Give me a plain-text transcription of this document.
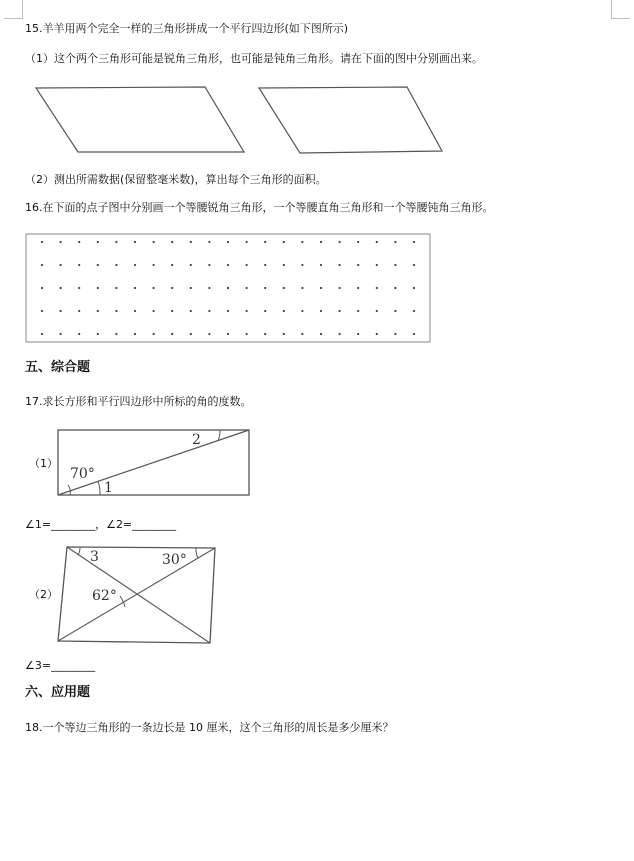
15.羊羊用两个完全一样的三角形拼成一个平行四边形(如下图所示)
（1）这个两个三角形可能是锐角三角形，也可能是钝角三角形。请在下面的图中分别画出来。
（2）测出所需数据(保留整毫米数)，算出每个三角形的面积。
16.在下面的点子图中分别画一个等腰锐角三角形，一个等腰直角三角形和一个等腰钝角三角形。
五、综合题
17.求长方形和平行四边形中所标的角的度数。
（1）
70°
1
2
∠1=________，∠2=________
（2）
3	30°
62°
∠3=________
六、应用题
18.一个等边三角形的一条边长是 10 厘米，这个三角形的周长是多少厘米？
